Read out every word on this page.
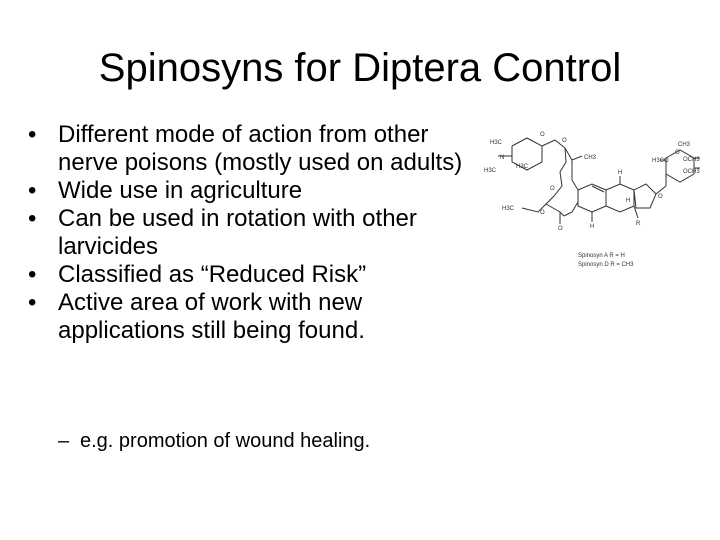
Spinosyns for Diptera Control
• Different mode of action from other nerve poisons (mostly used on adults)
• Wide use in agriculture
• Can be used in rotation with other larvicides
• Classified as “Reduced Risk”
• Active area of work with new applications still being found.
– e.g. promotion of wound healing.
H3C
N
H3C
H3C
CH3
H3C
H3CO
CH3
OCH3
OCH3
O
O
O
O
O
O
O
H
H
H
R
Spinosyn A R = H
Spinosyn D R = CH3
